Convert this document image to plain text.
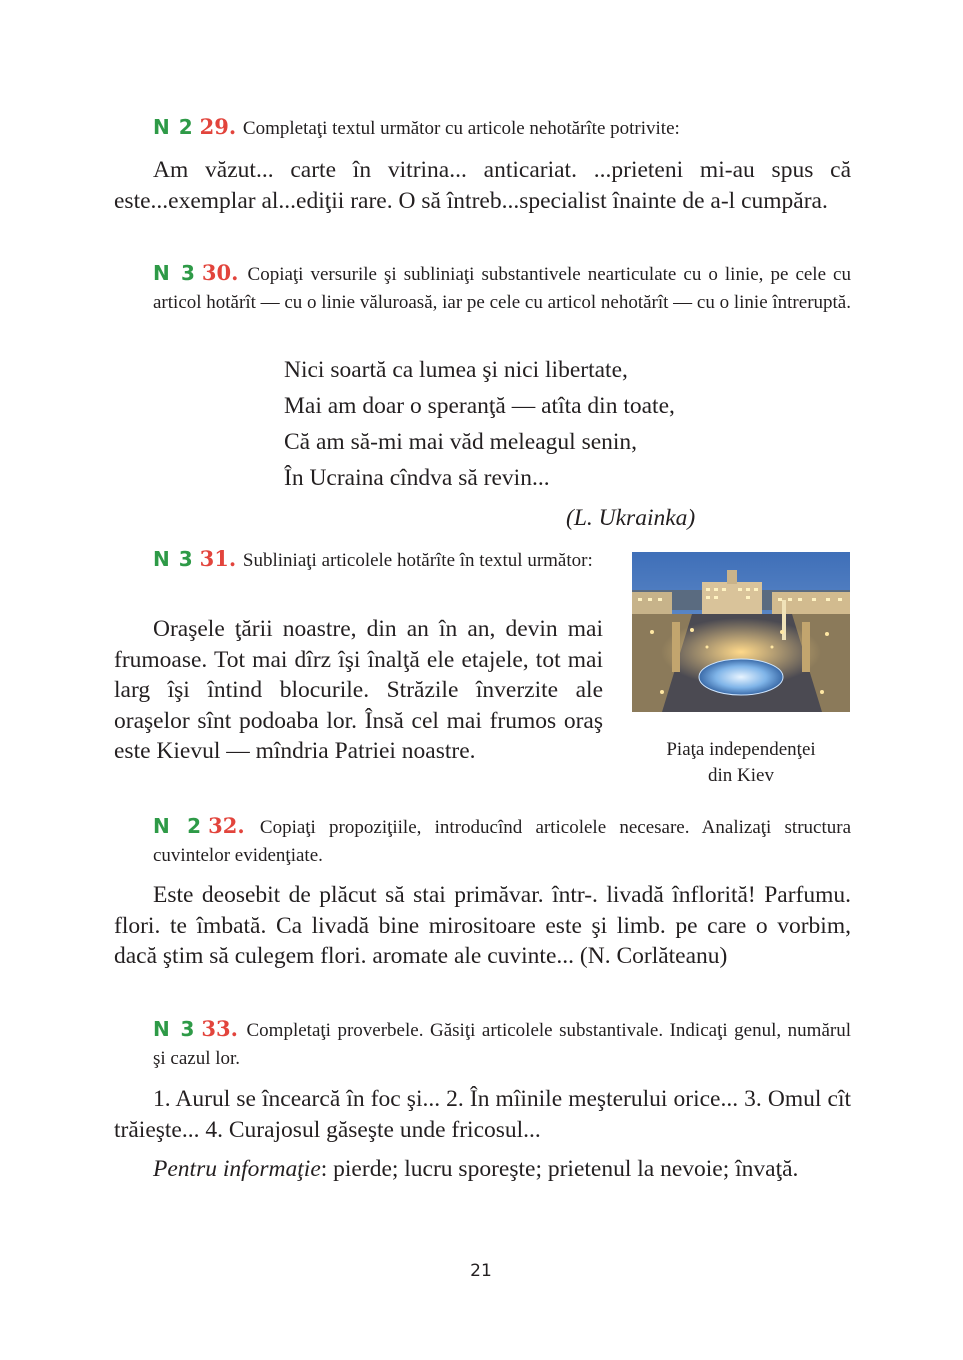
N 2 29. Completaţi textul următor cu articole nehotărîte potrivite:
Am văzut... carte în vitrina... anticariat. ...prieteni mi-au spus că este...exemplar al...ediţii rare. O să întreb...specialist înainte de a-l cumpăra.
N 3 30. Copiaţi versurile şi subliniaţi substantivele nearticulate cu o linie, pe cele cu articol hotărît — cu o linie văluroasă, iar pe cele cu articol nehotărît — cu o linie întreruptă.
Nici soartă ca lumea şi nici libertate,
Mai am doar o speranţă — atîta din toate,
Că am să-mi mai văd meleagul senin,
În Ucraina cîndva să revin...
(L. Ukrainka)
N 3 31. Subliniaţi articolele hotărîte în textul următor:
Oraşele ţării noastre, din an în an, devin mai frumoase. Tot mai dîrz îşi înalţă ele etajele, tot mai larg îşi întind blocurile. Străzile înverzite ale oraşelor sînt podoaba lor. Însă cel mai frumos oraş este Kievul — mîndria Patriei noastre.	Piaţa independenţei
din Kiev
N 2 32. Copiaţi propoziţiile, introducînd articolele necesare. Analizaţi structura cuvintelor evidenţiate.
Este deosebit de plăcut să stai primăvar. într-. livadă înflorită! Parfumu. flori. te îmbată. Ca livadă bine mirositoare este şi limb. pe care o vorbim, dacă ştim să culegem flori. aromate ale cuvinte... (N. Corlăteanu)
N 3 33. Completaţi proverbele. Găsiţi articolele substantivale. Indicaţi genul, numărul şi cazul lor.
1. Aurul se încearcă în foc şi... 2. În mîinile meşterului orice... 3. Omul cît trăieşte... 4. Curajosul găseşte unde fricosul...
Pentru informaţie: pierde; lucru sporeşte; prietenul la nevoie; învaţă.
21
